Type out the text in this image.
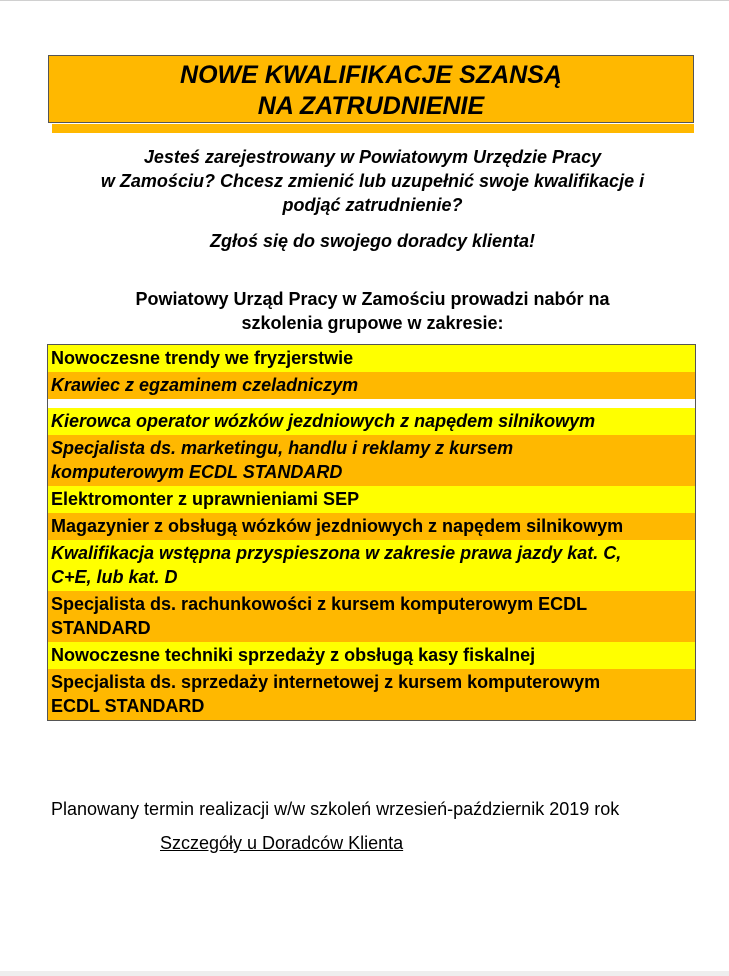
NOWE KWALIFIKACJE SZANSĄ
NA ZATRUDNIENIE
Jesteś zarejestrowany w Powiatowym Urzędzie Pracy
w Zamościu? Chcesz zmienić lub uzupełnić swoje kwalifikacje i
podjąć zatrudnienie?
Zgłoś się do swojego doradcy klienta!
Powiatowy Urząd Pracy w Zamościu prowadzi nabór na
szkolenia grupowe w zakresie:
Nowoczesne trendy we fryzjerstwie
Krawiec z egzaminem czeladniczym
Kierowca operator wózków jezdniowych z napędem silnikowym
Specjalista ds. marketingu, handlu i reklamy z kursem
komputerowym ECDL STANDARD
Elektromonter z uprawnieniami SEP
Magazynier z obsługą wózków jezdniowych z napędem silnikowym
Kwalifikacja wstępna przyspieszona w zakresie prawa jazdy kat. C,
C+E, lub kat. D
Specjalista ds. rachunkowości z kursem komputerowym ECDL
STANDARD
Nowoczesne techniki sprzedaży z obsługą kasy fiskalnej
Specjalista ds. sprzedaży internetowej z kursem komputerowym
ECDL STANDARD
Planowany termin realizacji w/w szkoleń wrzesień-październik 2019 rok
Szczegóły u Doradców Klienta
